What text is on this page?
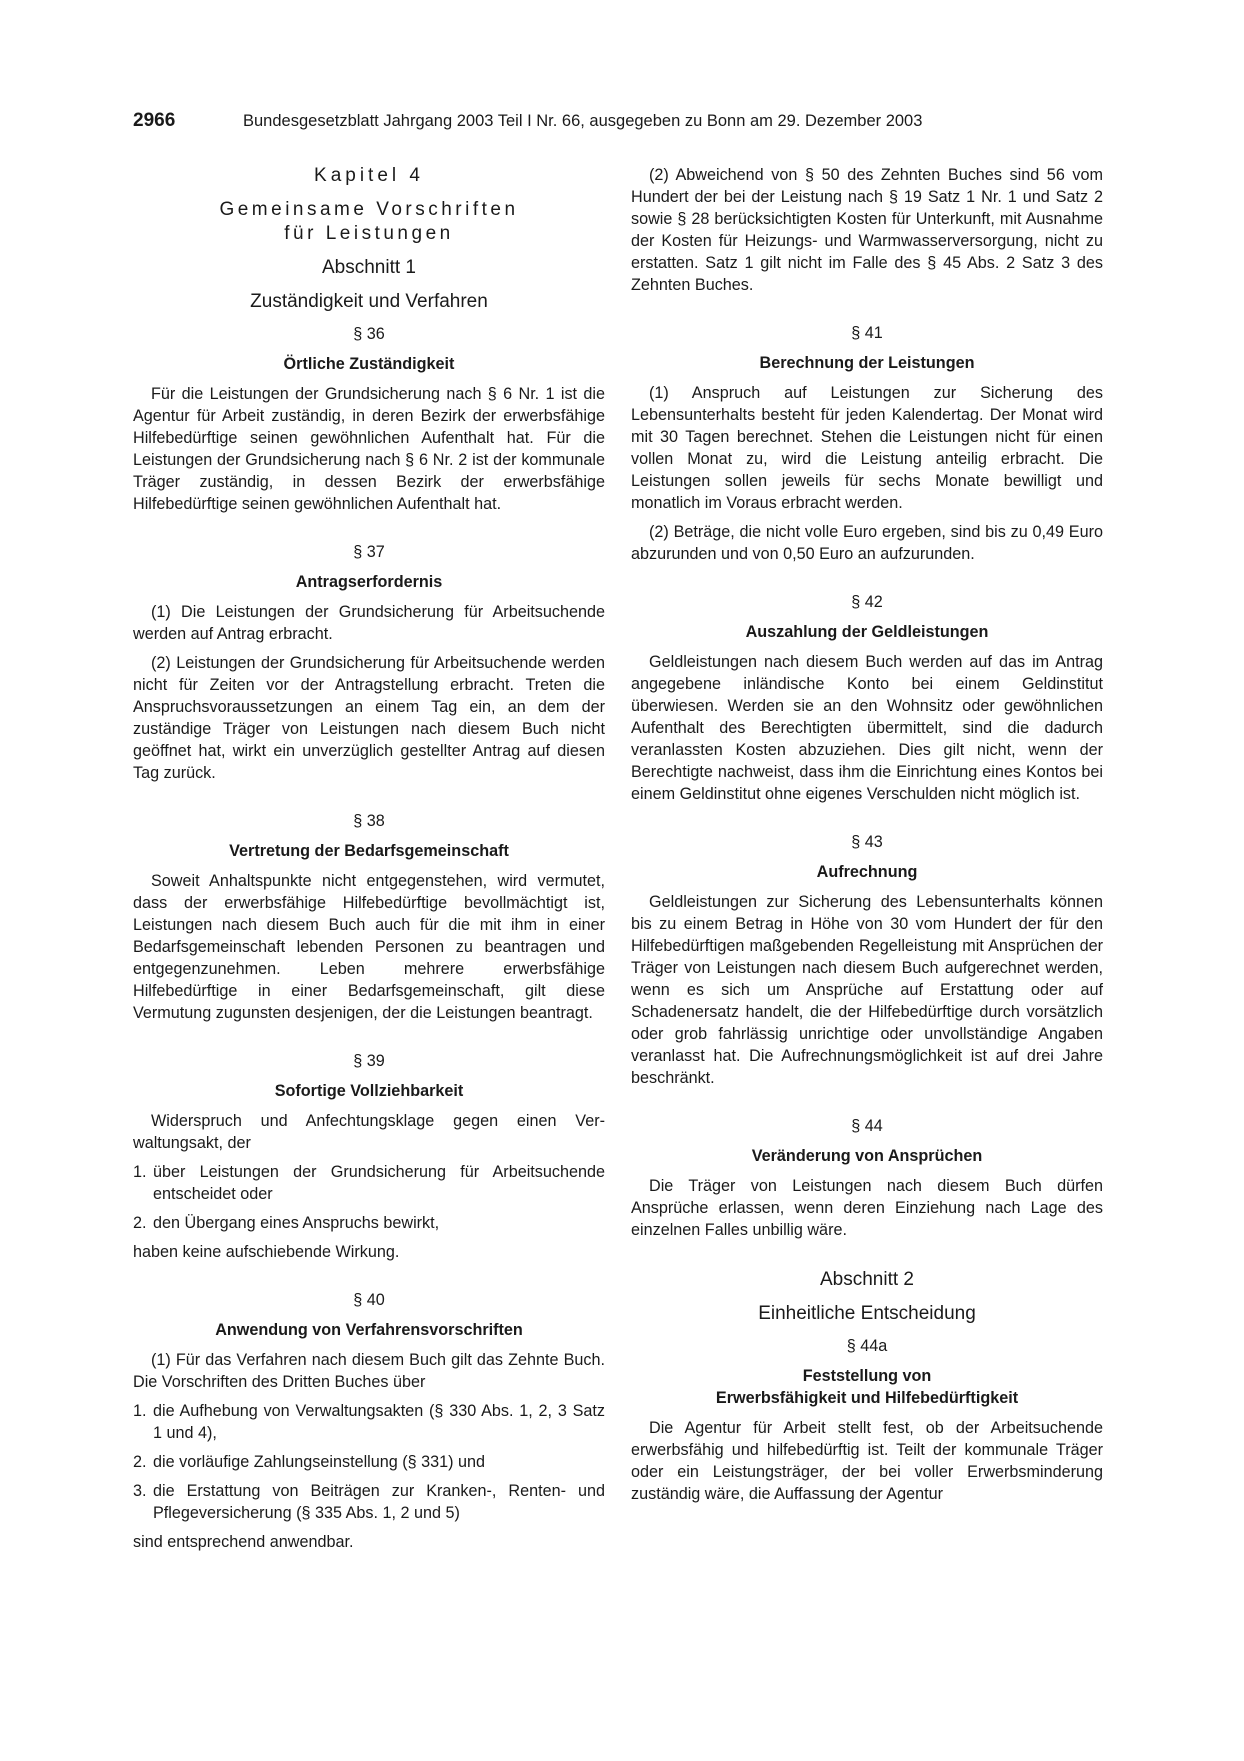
2966	Bundesgesetzblatt Jahrgang 2003 Teil I Nr. 66, ausgegeben zu Bonn am 29. Dezember 2003
Kapitel 4
Gemeinsame Vorschriften
für Leistungen
Abschnitt 1
Zuständigkeit und Verfahren
§ 36
Örtliche Zuständigkeit

Für die Leistungen der Grundsicherung nach § 6 Nr. 1 ist die Agentur für Arbeit zuständig, in deren Bezirk der erwerbsfähige Hilfebedürftige seinen gewöhnlichen Aufenthalt hat. Für die Leistungen der Grundsicherung nach § 6 Nr. 2 ist der kommunale Träger zuständig, in dessen Bezirk der erwerbsfähige Hilfebedürftige seinen gewöhnlichen Aufenthalt hat.

§ 37
Antragserfordernis

(1) Die Leistungen der Grundsicherung für Arbeitsuchende werden auf Antrag erbracht.

(2) Leistungen der Grundsicherung für Arbeitsuchende werden nicht für Zeiten vor der Antragstellung erbracht. Treten die Anspruchsvoraussetzungen an einem Tag ein, an dem der zuständige Träger von Leistungen nach diesem Buch nicht geöffnet hat, wirkt ein unverzüglich gestellter Antrag auf diesen Tag zurück.

§ 38
Vertretung der Bedarfsgemeinschaft

Soweit Anhaltspunkte nicht entgegenstehen, wird vermutet, dass der erwerbsfähige Hilfebedürftige bevollmächtigt ist, Leistungen nach diesem Buch auch für die mit ihm in einer Bedarfsgemeinschaft lebenden Personen zu beantragen und entgegenzunehmen. Leben mehrere erwerbsfähige Hilfebedürftige in einer Bedarfsgemeinschaft, gilt diese Vermutung zugunsten desjenigen, der die Leistungen beantragt.

§ 39
Sofortige Vollziehbarkeit

Widerspruch und Anfechtungsklage gegen einen Verwaltungsakt, der

1. über Leistungen der Grundsicherung für Arbeitsuchende entscheidet oder
2. den Übergang eines Anspruchs bewirkt,

haben keine aufschiebende Wirkung.

§ 40
Anwendung von Verfahrensvorschriften

(1) Für das Verfahren nach diesem Buch gilt das Zehnte Buch. Die Vorschriften des Dritten Buches über

1. die Aufhebung von Verwaltungsakten (§ 330 Abs. 1, 2, 3 Satz 1 und 4),
2. die vorläufige Zahlungseinstellung (§ 331) und
3. die Erstattung von Beiträgen zur Kranken-, Renten- und Pflegeversicherung (§ 335 Abs. 1, 2 und 5)

sind entsprechend anwendbar.

(2) Abweichend von § 50 des Zehnten Buches sind 56 vom Hundert der bei der Leistung nach § 19 Satz 1 Nr. 1 und Satz 2 sowie § 28 berücksichtigten Kosten für Unterkunft, mit Ausnahme der Kosten für Heizungs- und Warmwasserversorgung, nicht zu erstatten. Satz 1 gilt nicht im Falle des § 45 Abs. 2 Satz 3 des Zehnten Buches.

§ 41
Berechnung der Leistungen

(1) Anspruch auf Leistungen zur Sicherung des Lebensunterhalts besteht für jeden Kalendertag. Der Monat wird mit 30 Tagen berechnet. Stehen die Leistungen nicht für einen vollen Monat zu, wird die Leistung anteilig erbracht. Die Leistungen sollen jeweils für sechs Monate bewilligt und monatlich im Voraus erbracht werden.

(2) Beträge, die nicht volle Euro ergeben, sind bis zu 0,49 Euro abzurunden und von 0,50 Euro an aufzurunden.

§ 42
Auszahlung der Geldleistungen

Geldleistungen nach diesem Buch werden auf das im Antrag angegebene inländische Konto bei einem Geldinstitut überwiesen. Werden sie an den Wohnsitz oder gewöhnlichen Aufenthalt des Berechtigten übermittelt, sind die dadurch veranlassten Kosten abzuziehen. Dies gilt nicht, wenn der Berechtigte nachweist, dass ihm die Einrichtung eines Kontos bei einem Geldinstitut ohne eigenes Verschulden nicht möglich ist.

§ 43
Aufrechnung

Geldleistungen zur Sicherung des Lebensunterhalts können bis zu einem Betrag in Höhe von 30 vom Hundert der für den Hilfebedürftigen maßgebenden Regelleistung mit Ansprüchen der Träger von Leistungen nach diesem Buch aufgerechnet werden, wenn es sich um Ansprüche auf Erstattung oder auf Schadenersatz handelt, die der Hilfebedürftige durch vorsätzlich oder grob fahrlässig unrichtige oder unvollständige Angaben veranlasst hat. Die Aufrechnungsmöglichkeit ist auf drei Jahre beschränkt.

§ 44
Veränderung von Ansprüchen

Die Träger von Leistungen nach diesem Buch dürfen Ansprüche erlassen, wenn deren Einziehung nach Lage des einzelnen Falles unbillig wäre.

Abschnitt 2
Einheitliche Entscheidung
§ 44a
Feststellung von
Erwerbsfähigkeit und Hilfebedürftigkeit

Die Agentur für Arbeit stellt fest, ob der Arbeitsuchende erwerbsfähig und hilfebedürftig ist. Teilt der kommunale Träger oder ein Leistungsträger, der bei voller Erwerbsminderung zuständig wäre, die Auffassung der Agentur
